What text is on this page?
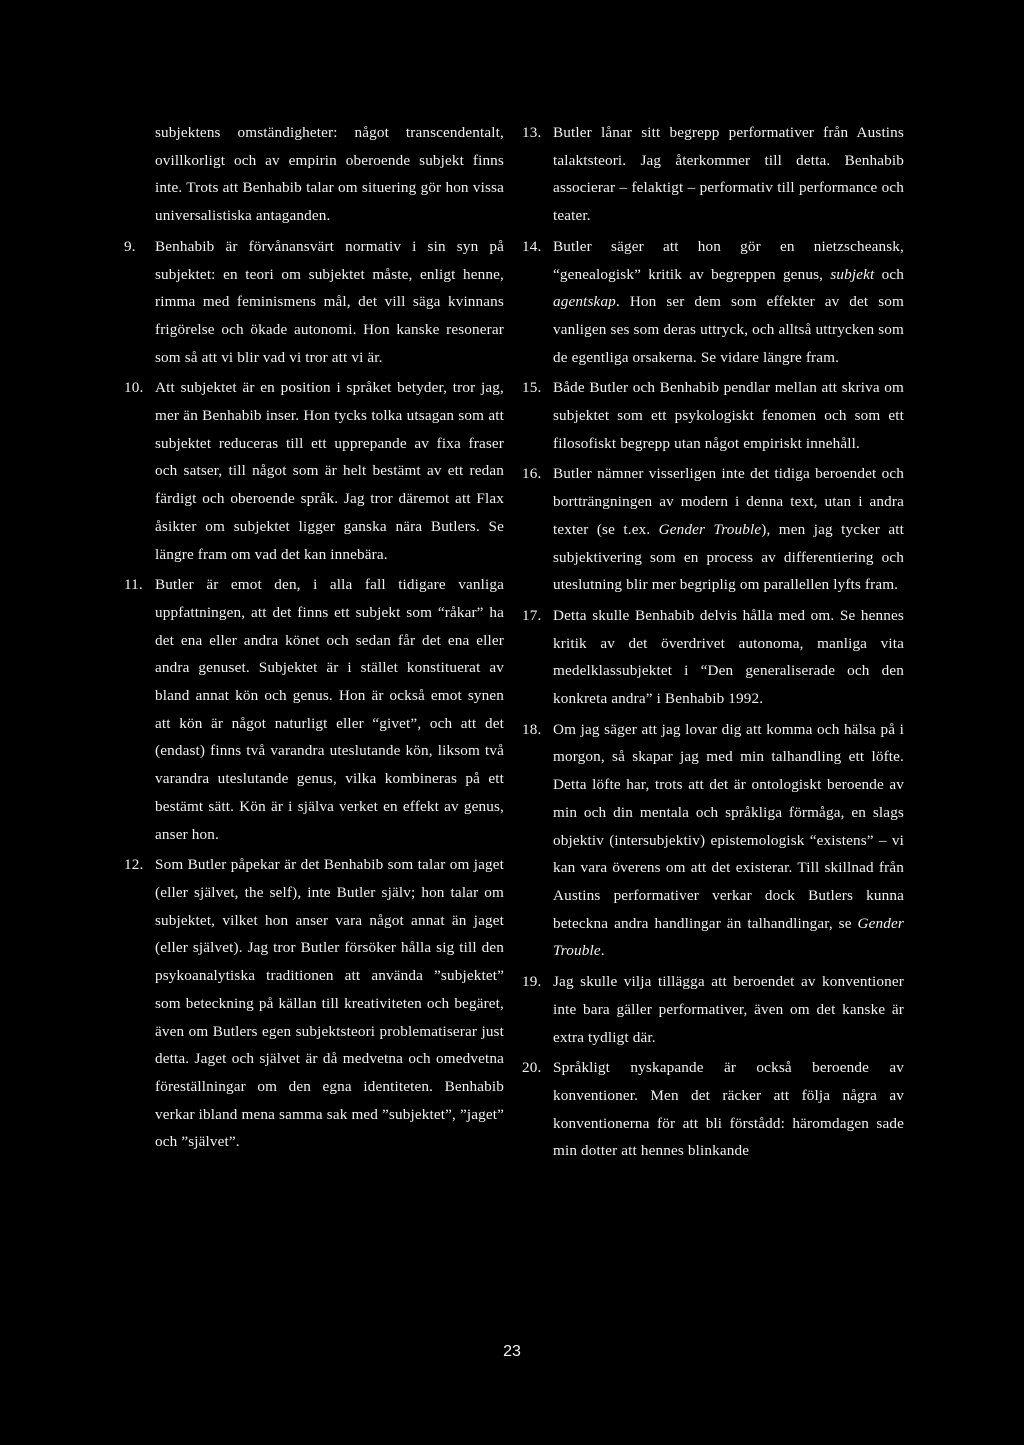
subjektens omständigheter: något transcendentalt, ovillkorligt och av empirin oberoende subjekt finns inte. Trots att Benhabib talar om situering gör hon vissa universalistiska antaganden.

9.	Benhabib är förvånansvärt normativ i sin syn på subjektet: en teori om subjektet måste, enligt henne, rimma med feminismens mål, det vill säga kvinnans frigörelse och ökade autonomi. Hon kanske resonerar som så att vi blir vad vi tror att vi är.

10. Att subjektet är en position i språket betyder, tror jag, mer än Benhabib inser. Hon tycks tolka utsagan som att subjektet reduceras till ett upprepande av fixa fraser och satser, till något som är helt bestämt av ett redan färdigt och oberoende språk. Jag tror däremot att Flax åsikter om subjektet ligger ganska nära Butlers. Se längre fram om vad det kan innebära.

11. Butler är emot den, i alla fall tidigare vanliga uppfattningen, att det finns ett subjekt som “råkar” ha det ena eller andra könet och sedan får det ena eller andra genuset. Subjektet är i stället konstituerat av bland annat kön och genus. Hon är också emot synen att kön är något naturligt eller “givet”, och att det (endast) finns två varandra uteslutande kön, liksom två varandra uteslutande genus, vilka kombineras på ett bestämt sätt. Kön är i själva verket en effekt av genus, anser hon.

12. Som Butler påpekar är det Benhabib som talar om jaget (eller självet, the self), inte Butler själv; hon talar om subjektet, vilket hon anser vara något annat än jaget (eller självet). Jag tror Butler försöker hålla sig till den psykoanalytiska traditionen att använda ”subjektet” som beteckning på källan till kreativiteten och begäret, även om Butlers egen subjektsteori problematiserar just detta. Jaget och självet är då medvetna och omedvetna föreställningar om den egna identiteten. Benhabib verkar ibland mena samma sak med ”subjektet”, ”jaget” och ”självet”.

13. Butler lånar sitt begrepp performativer från Austins talaktsteori. Jag återkommer till detta. Benhabib associerar – felaktigt – performativ till performance och teater.

14. Butler säger att hon gör en nietzscheansk, “genealogisk” kritik av begreppen genus, subjekt och agentskap. Hon ser dem som effekter av det som vanligen ses som deras uttryck, och alltså uttrycken som de egentliga orsakerna. Se vidare längre fram.

15. Både Butler och Benhabib pendlar mellan att skriva om subjektet som ett psykologiskt fenomen och som ett filosofiskt begrepp utan något empiriskt innehåll.

16. Butler nämner visserligen inte det tidiga beroendet och bortträngningen av modern i denna text, utan i andra texter (se t.ex. Gender Trouble), men jag tycker att subjektivering som en process av differentiering och uteslutning blir mer begriplig om parallellen lyfts fram.

17. Detta skulle Benhabib delvis hålla med om. Se hennes kritik av det överdrivet autonoma, manliga vita medelklassubjektet i “Den generaliserade och den konkreta andra” i Benhabib 1992.

18. Om jag säger att jag lovar dig att komma och hälsa på i morgon, så skapar jag med min talhandling ett löfte. Detta löfte har, trots att det är ontologiskt beroende av min och din mentala och språkliga förmåga, en slags objektiv (intersubjektiv) epistemologisk “existens” – vi kan vara överens om att det existerar. Till skillnad från Austins performativer verkar dock Butlers kunna beteckna andra handlingar än talhandlingar, se Gender Trouble.

19. Jag skulle vilja tillägga att beroendet av konventioner inte bara gäller performativer, även om det kanske är extra tydligt där.

20. Språkligt nyskapande är också beroende av konventioner. Men det räcker att följa några av konventionerna för att bli förstådd: häromdagen sade min dotter att hennes blinkande

23
